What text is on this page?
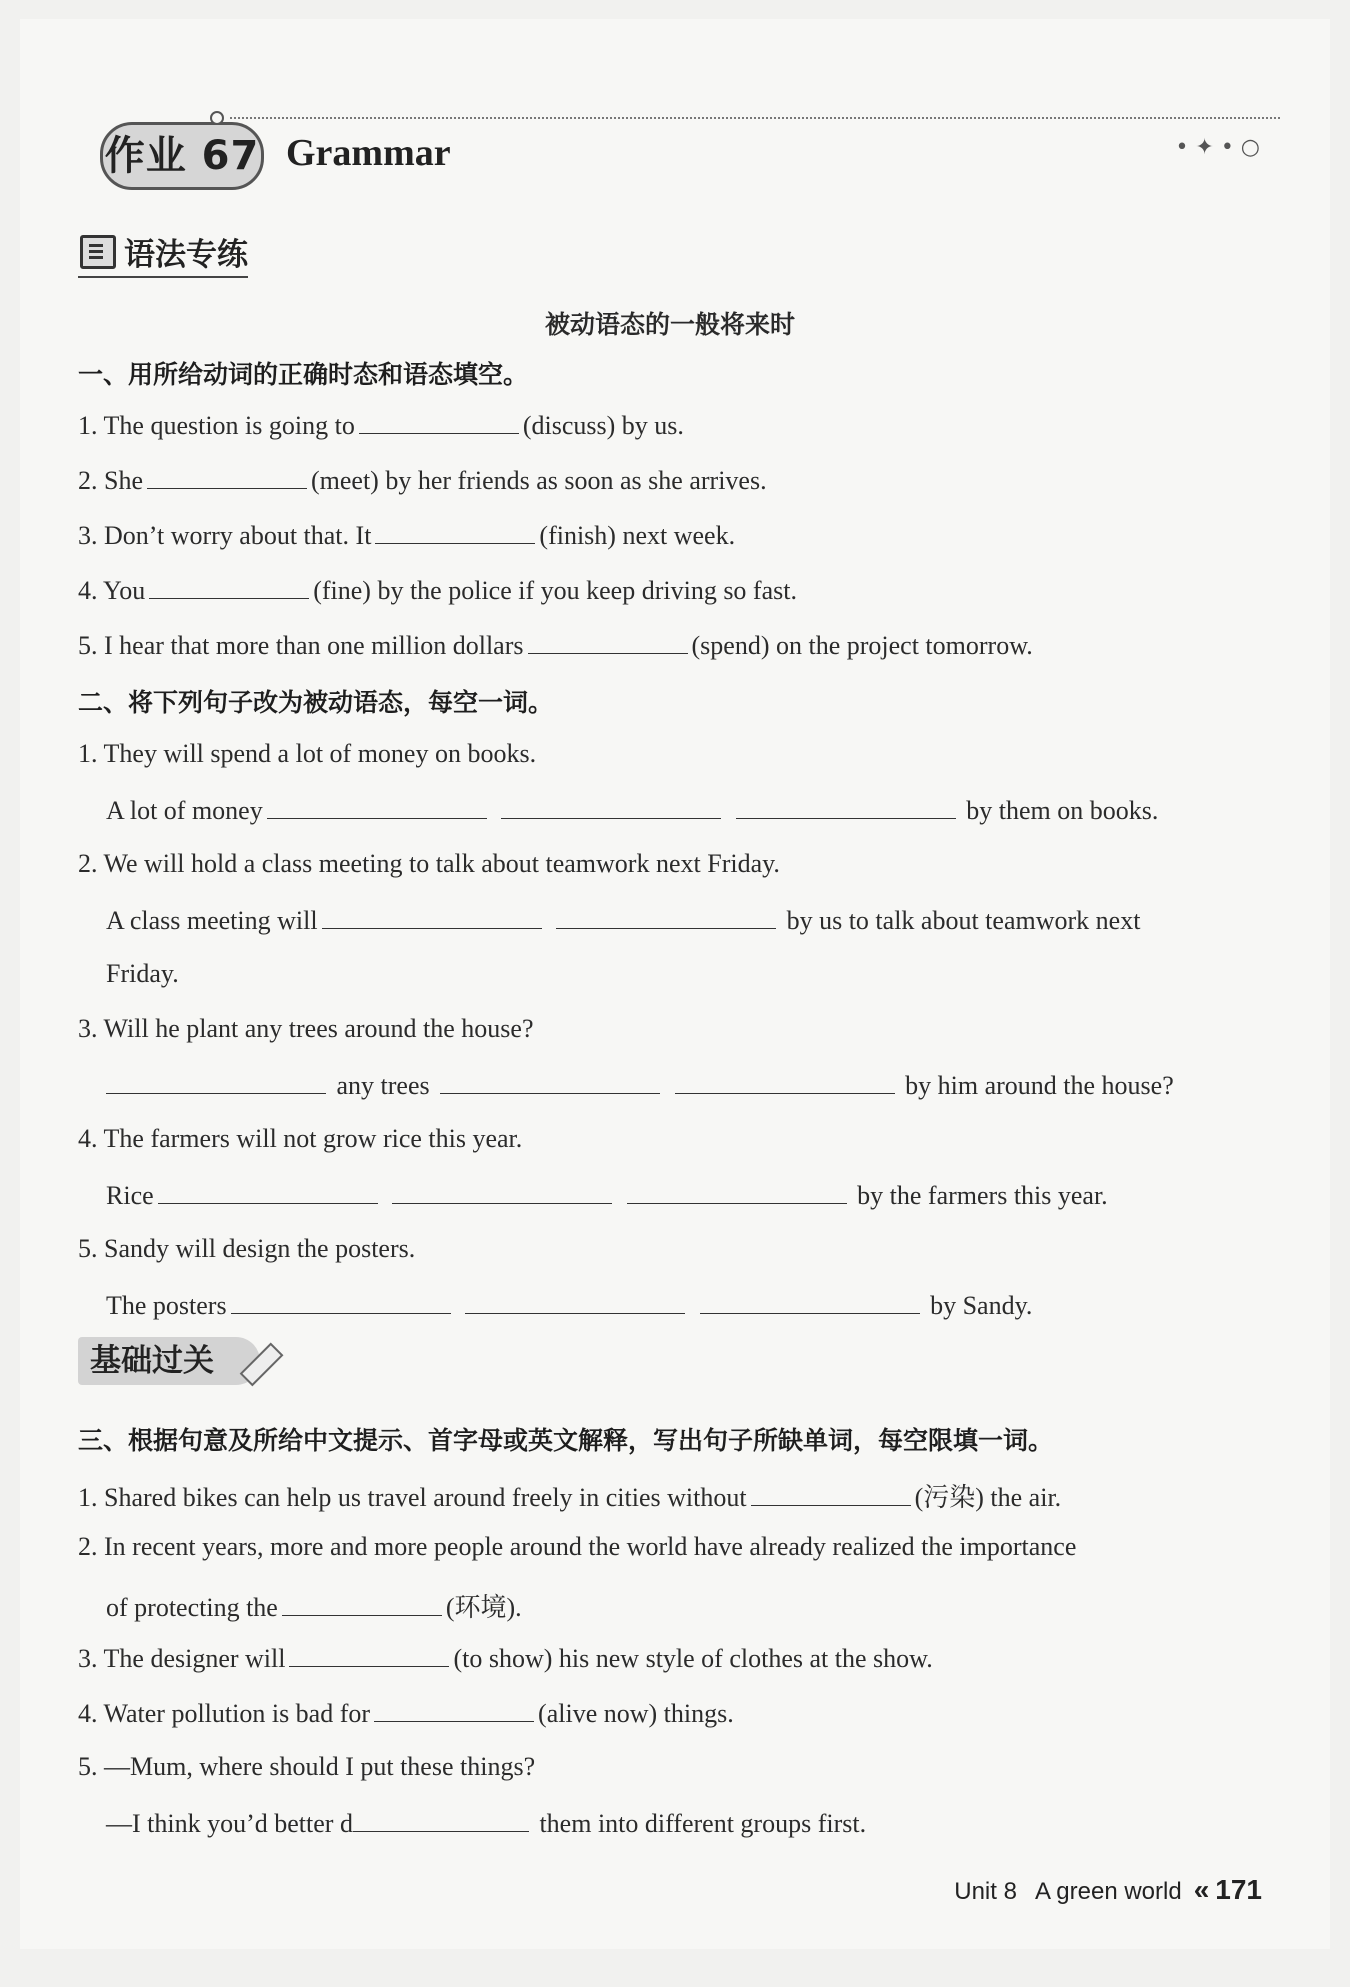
作业 67 Grammar	• ✦ • ○
语法专练
被动语态的一般将来时
一、用所给动词的正确时态和语态填空。
1. The question is going to	(discuss) by us.
2. She	(meet) by her friends as soon as she arrives.
3. Don’t worry about that. It	(finish) next week.
4. You	(fine) by the police if you keep driving so fast.
5. I hear that more than one million dollars	(spend) on the project tomorrow.
二、将下列句子改为被动语态，每空一词。
1. They will spend a lot of money on books.
A lot of money	by them on books.
2. We will hold a class meeting to talk about teamwork next Friday.
A class meeting will	by us to talk about teamwork next
Friday.
3. Will he plant any trees around the house?
any trees	by him around the house?
4. The farmers will not grow rice this year.
Rice	by the farmers this year.
5. Sandy will design the posters.
The posters	by Sandy.
基础过关
三、根据句意及所给中文提示、首字母或英文解释，写出句子所缺单词，每空限填一词。
1. Shared bikes can help us travel around freely in cities without	(污染) the air.
2. In recent years, more and more people around the world have already realized the importance
of protecting the	(环境).
3. The designer will	(to show) his new style of clothes at the show.
4. Water pollution is bad for	(alive now) things.
5. —Mum, where should I put these things?
—I think you’d better d	them into different groups first.
Unit 8 A green world « 171
